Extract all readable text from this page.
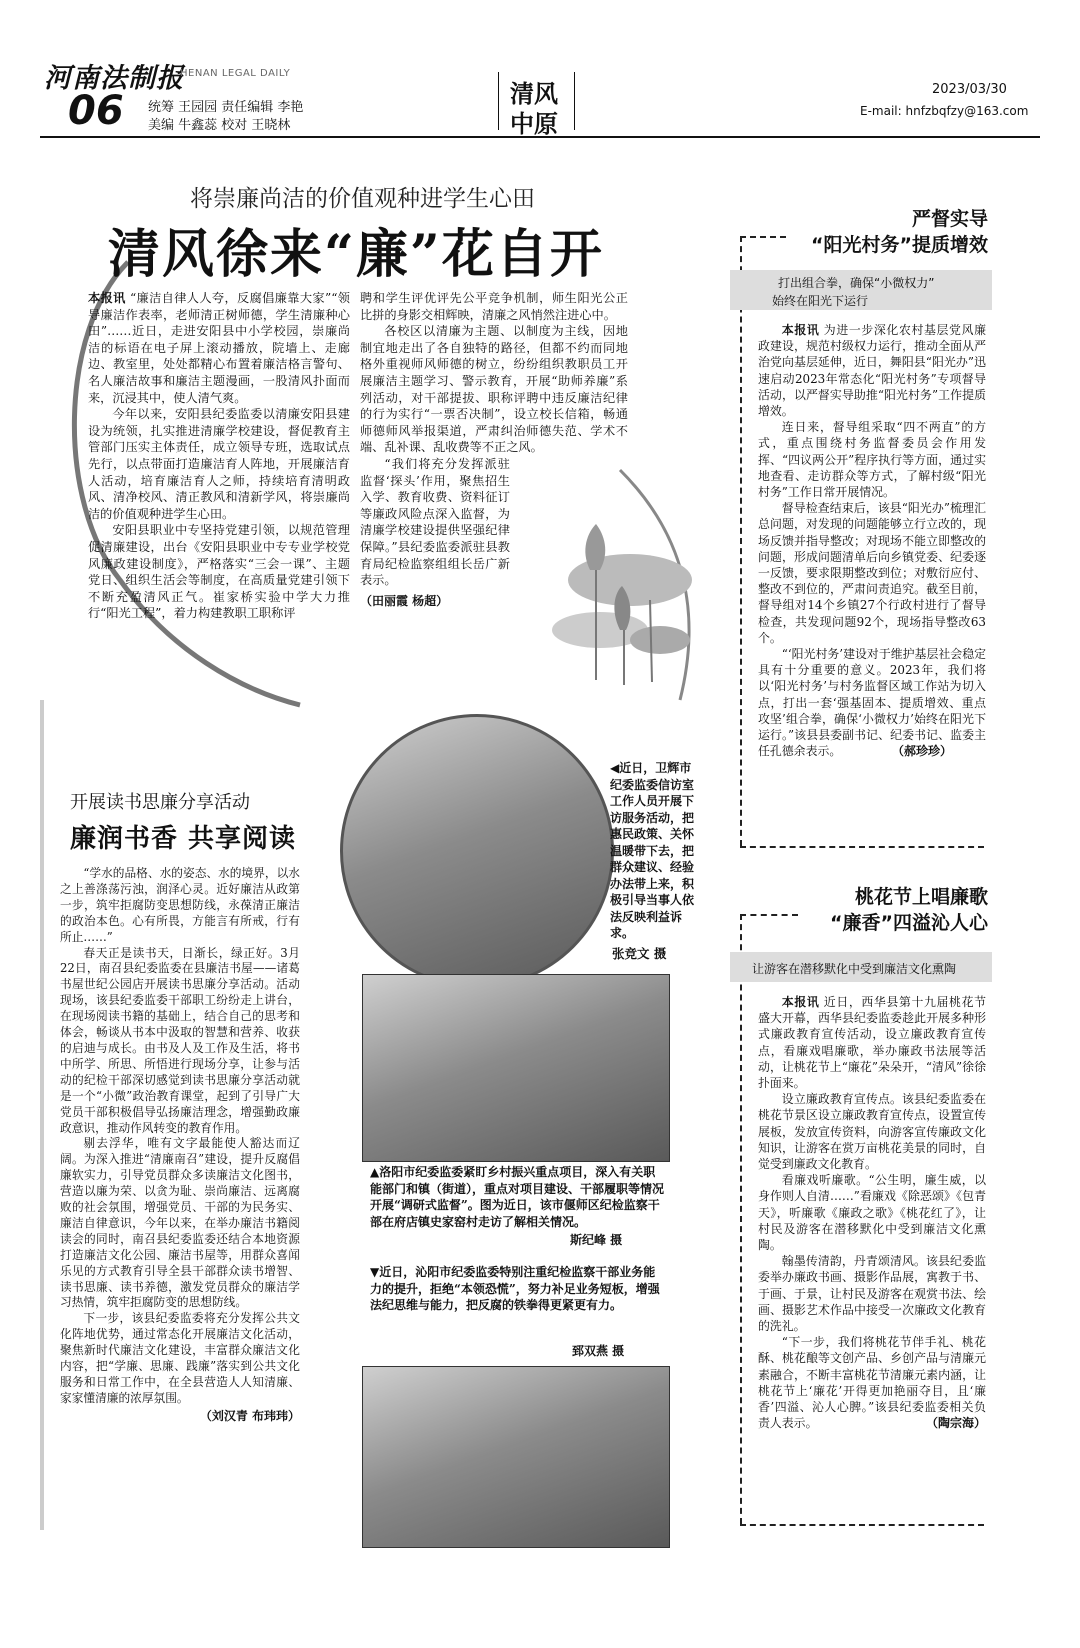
河南法制报
HENAN LEGAL DAILY
06 统筹 王园园 责任编辑 李艳
美编 牛鑫蕊 校对 王晓林
清风
中原
2023/03/30
E-mail: hnfzbqfzy@163.com
将崇廉尚洁的价值观种进学生心田
清风徐来“廉”花自开

本报讯 “廉洁自律人人夸，反腐倡廉靠大家”“领导廉洁作表率，老师清正树师德，学生清廉种心田”……近日，走进安阳县中小学校园，崇廉尚洁的标语在电子屏上滚动播放，院墙上、走廊边、教室里，处处都精心布置着廉洁格言警句、名人廉洁故事和廉洁主题漫画，一股清风扑面而来，沉浸其中，使人清气爽。

今年以来，安阳县纪委监委以清廉安阳县建设为统领，扎实推进清廉学校建设，督促教育主管部门压实主体责任，成立领导专班，选取试点先行，以点带面打造廉洁育人阵地，开展廉洁育人活动，培育廉洁育人之师，持续培育清明政风、清净校风、清正教风和清新学风，将崇廉尚洁的价值观种进学生心田。

安阳县职业中专坚持党建引领，以规范管理促清廉建设，出台《安阳县职业中专专业学校党风廉政建设制度》，严格落实“三会一课”、主题党日、组织生活会等制度，在高质量党建引领下不断充盈清风正气。崔家桥实验中学大力推行“阳光工程”，着力构建教职工职称评

聘和学生评优评先公平竞争机制，师生阳光公正比拼的身影交相辉映，清廉之风悄然注进心中。

各校区以清廉为主题、以制度为主线，因地制宜地走出了各自独特的路径，但都不约而同地格外重视师风师德的树立，纷纷组织教职员工开展廉洁主题学习、警示教育，开展“助师养廉”系列活动，对干部提拔、职称评聘中违反廉洁纪律的行为实行“一票否决制”，设立校长信箱，畅通师德师风举报渠道，严肃纠治师德失范、学术不端、乱补课、乱收费等不正之风。

“我们将充分发挥派驻监督‘探头’作用，聚焦招生入学、教育收费、资料征订等廉政风险点深入监督，为清廉学校建设提供坚强纪律保障。”县纪委监委派驻县教育局纪检监察组组长岳广新表示。

（田丽霞 杨超）
◀近日，卫辉市纪委监委信访室工作人员开展下访服务活动，把惠民政策、关怀温暖带下去，把群众建议、经验办法带上来，积极引导当事人依法反映利益诉求。
张竞文 摄
▲洛阳市纪委监委紧盯乡村振兴重点项目，深入有关职能部门和镇（街道），重点对项目建设、干部履职等情况开展“调研式监督”。图为近日，该市偃师区纪检监察干部在府店镇史家窑村走访了解相关情况。
斯纪峰 摄
▼近日，沁阳市纪委监委特别注重纪检监察干部业务能力的提升，拒绝“本领恐慌”，努力补足业务短板，增强法纪思维与能力，把反腐的铁拳得更紧更有力。
郅双燕 摄
开展读书思廉分享活动
廉润书香 共享阅读

“学水的品格、水的姿态、水的境界，以水之上善涤荡污浊，润泽心灵。近好廉洁从政第一步，筑牢拒腐防变思想防线，永葆清正廉洁的政治本色。心有所畏，方能言有所戒，行有所止……”

春天正是读书天，日渐长，绿正好。3月22日，南召县纪委监委在县廉洁书屋——诸葛书屋世纪公园店开展读书思廉分享活动。活动现场，该县纪委监委干部职工纷纷走上讲台，在现场阅读书籍的基础上，结合自己的思考和体会，畅谈从书本中汲取的智慧和营养、收获的启迪与成长。由书及人及工作及生活，将书中所学、所思、所悟进行现场分享，让参与活动的纪检干部深切感觉到读书思廉分享活动就是一个“小微”政治教育课堂，起到了引导广大党员干部积极倡导弘扬廉洁理念，增强勤政廉政意识，推动作风转变的教育作用。

剔去浮华，唯有文字最能使人豁达而辽阔。为深入推进“清廉南召”建设，提升反腐倡廉软实力，引导党员群众多读廉洁文化图书，营造以廉为荣、以贪为耻、崇尚廉洁、远离腐败的社会氛围，增强党员、干部的为民务实、廉洁自律意识，今年以来，在举办廉洁书籍阅读会的同时，南召县纪委监委还结合本地资源打造廉洁文化公园、廉洁书屋等，用群众喜闻乐见的方式教育引导全县干部群众读书增智、读书思廉、读书养德，激发党员群众的廉洁学习热情，筑牢拒腐防变的思想防线。

下一步，该县纪委监委将充分发挥公共文化阵地优势，通过常态化开展廉洁文化活动，聚焦新时代廉洁文化建设，丰富群众廉洁文化内容，把“学廉、思廉、践廉”落实到公共文化服务和日常工作中，在全县营造人人知清廉、家家懂清廉的浓厚氛围。

（刘汉青 布玮玮）
严督实导
“阳光村务”提质增效
打出组合拳，确保“小微权力”
始终在阳光下运行

本报讯 为进一步深化农村基层党风廉政建设，规范村级权力运行，推动全面从严治党向基层延伸，近日，舞阳县“阳光办”迅速启动2023年常态化“阳光村务”专项督导活动，以严督实导助推“阳光村务”工作提质增效。

连日来，督导组采取“四不两直”的方式，重点围绕村务监督委员会作用发挥、“四议两公开”程序执行等方面，通过实地查看、走访群众等方式，了解村级“阳光村务”工作日常开展情况。

督导检查结束后，该县“阳光办”梳理汇总问题，对发现的问题能够立行立改的，现场反馈并指导整改；对现场不能立即整改的问题，形成问题清单后向乡镇党委、纪委逐一反馈，要求限期整改到位；对敷衍应付、整改不到位的，严肃问责追究。截至目前，督导组对14个乡镇27个行政村进行了督导检查，共发现问题92个，现场指导整改63个。

“‘阳光村务’建设对于维护基层社会稳定具有十分重要的意义。2023年，我们将以‘阳光村务’与村务监督区域工作站为切入点，打出一套‘强基固本、提质增效、重点攻坚’组合拳，确保‘小微权力’始终在阳光下运行。”该县县委副书记、纪委书记、监委主任孔德余表示。	（郝珍珍）
桃花节上唱廉歌
“廉香”四溢沁人心
让游客在潜移默化中受到廉洁文化熏陶

本报讯 近日，西华县第十九届桃花节盛大开幕，西华县纪委监委趁此开展多种形式廉政教育宣传活动，设立廉政教育宣传点，看廉戏唱廉歌，举办廉政书法展等活动，让桃花节上“廉花”朵朵开，“清风”徐徐扑面来。

设立廉政教育宣传点。该县纪委监委在桃花节景区设立廉政教育宣传点，设置宣传展板，发放宣传资料，向游客宣传廉政文化知识，让游客在赏万亩桃花美景的同时，自觉受到廉政文化教育。

看廉戏听廉歌。“公生明，廉生威，以身作则人自清……”看廉戏《除恶颂》《包青天》，听廉歌《廉政之歌》《桃花红了》，让村民及游客在潜移默化中受到廉洁文化熏陶。

翰墨传清韵，丹青颂清风。该县纪委监委举办廉政书画、摄影作品展，寓教于书、于画、于景，让村民及游客在观赏书法、绘画、摄影艺术作品中接受一次廉政文化教育的洗礼。

“下一步，我们将桃花节伴手礼、桃花酥、桃花酿等文创产品、乡创产品与清廉元素融合，不断丰富桃花节清廉元素内涵，让桃花节上‘廉花’开得更加艳丽夺目，且‘廉香’四溢、沁人心脾。”该县纪委监委相关负责人表示。	（陶宗海）
